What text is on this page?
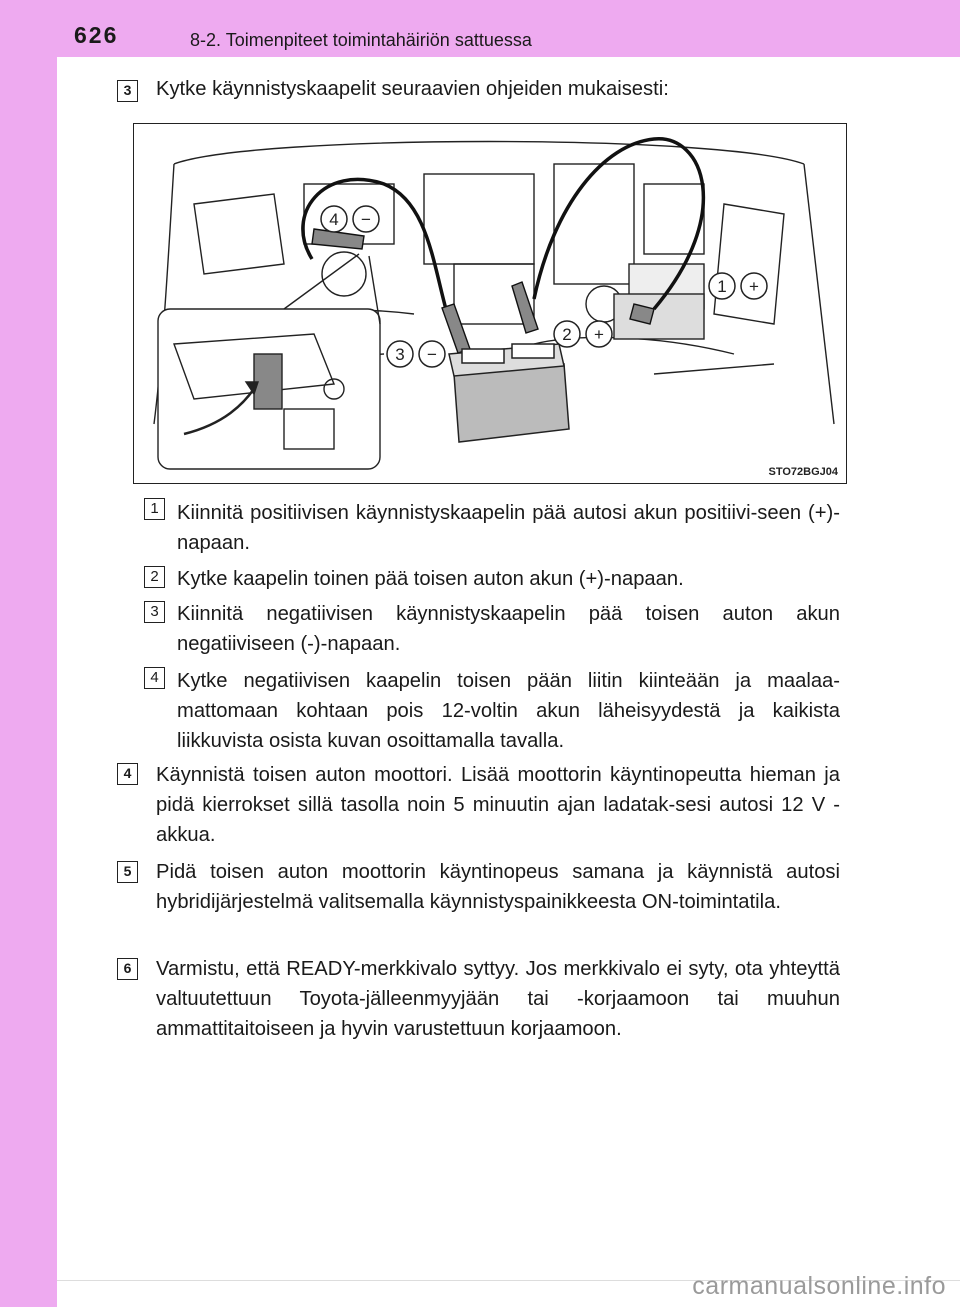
626	8-2. Toimenpiteet toimintahäiriön sattuessa
3	Kytke käynnistyskaapelit seuraavien ohjeiden mukaisesti:
4 −
2 +
3 −
1 +
STO72BGJ04
1 Kiinnitä positiivisen käynnistyskaapelin pää autosi akun positiivi-seen (+)-napaan.
2 Kytke kaapelin toinen pää toisen auton akun (+)-napaan.
3 Kiinnitä negatiivisen käynnistyskaapelin pää toisen auton akun negatiiviseen (-)-napaan.
4 Kytke negatiivisen kaapelin toisen pään liitin kiinteään ja maalaa-mattomaan kohtaan pois 12-voltin akun läheisyydestä ja kaikista liikkuvista osista kuvan osoittamalla tavalla.
4	Käynnistä toisen auton moottori. Lisää moottorin käyntinopeutta hieman ja pidä kierrokset sillä tasolla noin 5 minuutin ajan ladatak-sesi autosi 12 V -akkua.
5	Pidä toisen auton moottorin käyntinopeus samana ja käynnistä autosi hybridijärjestelmä valitsemalla käynnistyspainikkeesta ON-toimintatila.
6	Varmistu, että READY-merkkivalo syttyy. Jos merkkivalo ei syty, ota yhteyttä valtuutettuun Toyota-jälleenmyyjään tai -korjaamoon tai muuhun ammattitaitoiseen ja hyvin varustettuun korjaamoon.
carmanualsonline.info
